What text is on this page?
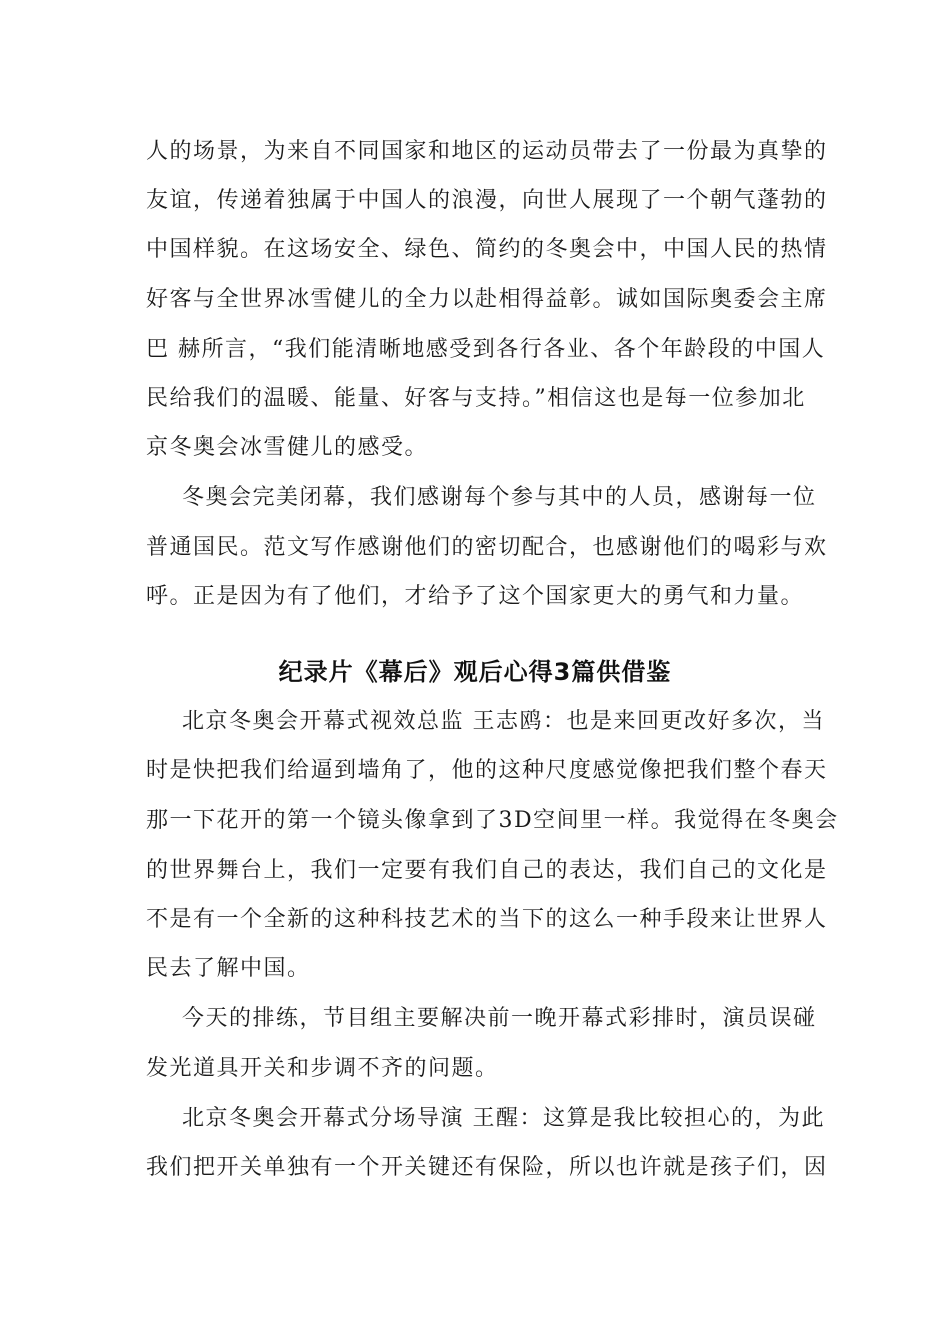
人的场景，为来自不同国家和地区的运动员带去了一份最为真挚的
友谊，传递着独属于中国人的浪漫，向世人展现了一个朝气蓬勃的
中国样貌。在这场安全、绿色、简约的冬奥会中，中国人民的热情
好客与全世界冰雪健儿的全力以赴相得益彰。诚如国际奥委会主席
巴 赫所言，“我们能清晰地感受到各行各业、各个年龄段的中国人
民给我们的温暖、能量、好客与支持。”相信这也是每一位参加北
京冬奥会冰雪健儿的感受。
冬奥会完美闭幕，我们感谢每个参与其中的人员，感谢每一位
普通国民。范文写作感谢他们的密切配合，也感谢他们的喝彩与欢
呼。正是因为有了他们，才给予了这个国家更大的勇气和力量。
纪录片《幕后》观后心得3篇供借鉴
北京冬奥会开幕式视效总监 王志鸥：也是来回更改好多次，当
时是快把我们给逼到墙角了，他的这种尺度感觉像把我们整个春天
那一下花开的第一个镜头像拿到了3D空间里一样。我觉得在冬奥会
的世界舞台上，我们一定要有我们自己的表达，我们自己的文化是
不是有一个全新的这种科技艺术的当下的这么一种手段来让世界人
民去了解中国。
今天的排练，节目组主要解决前一晚开幕式彩排时，演员误碰
发光道具开关和步调不齐的问题。
北京冬奥会开幕式分场导演 王醒：这算是我比较担心的，为此
我们把开关单独有一个开关键还有保险，所以也许就是孩子们，因
